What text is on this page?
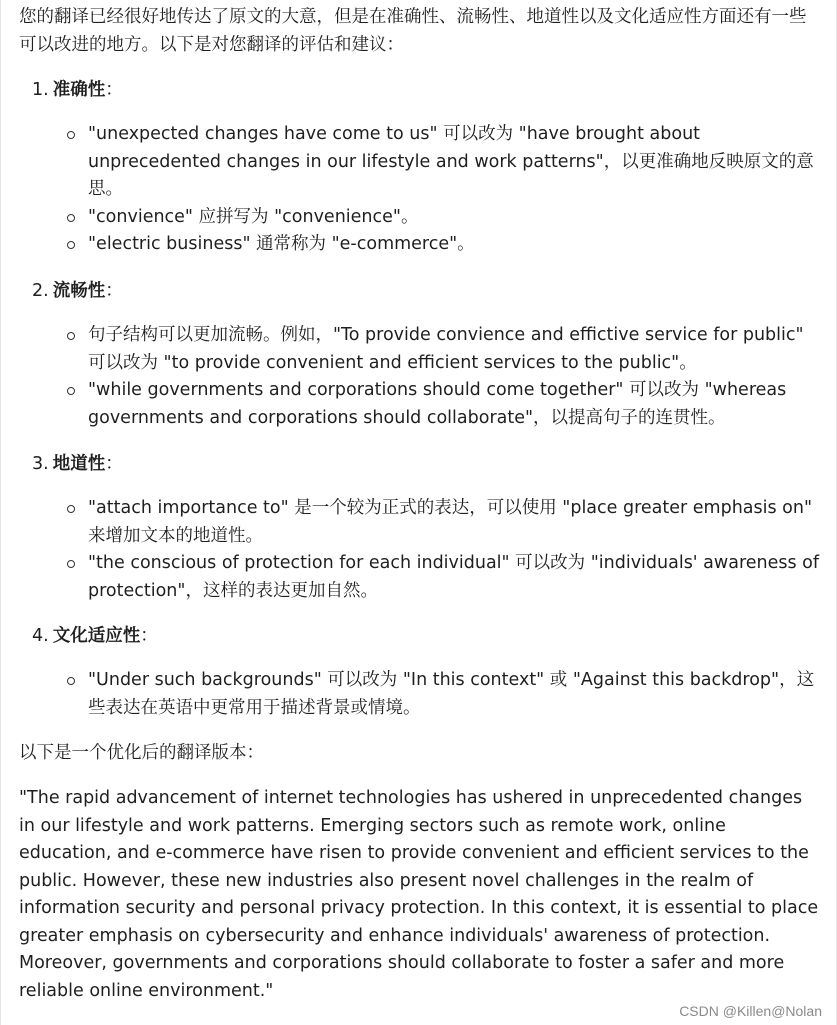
您的翻译已经很好地传达了原文的大意，但是在准确性、流畅性、地道性以及文化适应性方面还有一些可以改进的地方。以下是对您翻译的评估和建议：

1. 准确性：

"unexpected changes have come to us" 可以改为 "have brought about unprecedented changes in our lifestyle and work patterns"，以更准确地反映原文的意思。
"convience" 应拼写为 "convenience"。
"electric business" 通常称为 "e-commerce"。

2. 流畅性：

句子结构可以更加流畅。例如，"To provide convience and effictive service for public" 可以改为 "to provide convenient and efficient services to the public"。
"while governments and corporations should come together" 可以改为 "whereas governments and corporations should collaborate"，以提高句子的连贯性。

3. 地道性：

"attach importance to" 是一个较为正式的表达，可以使用 "place greater emphasis on" 来增加文本的地道性。
"the conscious of protection for each individual" 可以改为 "individuals' awareness of protection"，这样的表达更加自然。

4. 文化适应性：

"Under such backgrounds" 可以改为 "In this context" 或 "Against this backdrop"，这些表达在英语中更常用于描述背景或情境。

以下是一个优化后的翻译版本：

"The rapid advancement of internet technologies has ushered in unprecedented changes in our lifestyle and work patterns. Emerging sectors such as remote work, online education, and e-commerce have risen to provide convenient and efficient services to the public. However, these new industries also present novel challenges in the realm of information security and personal privacy protection. In this context, it is essential to place greater emphasis on cybersecurity and enhance individuals' awareness of protection. Moreover, governments and corporations should collaborate to foster a safer and more reliable online environment."

CSDN @Killen@Nolan
